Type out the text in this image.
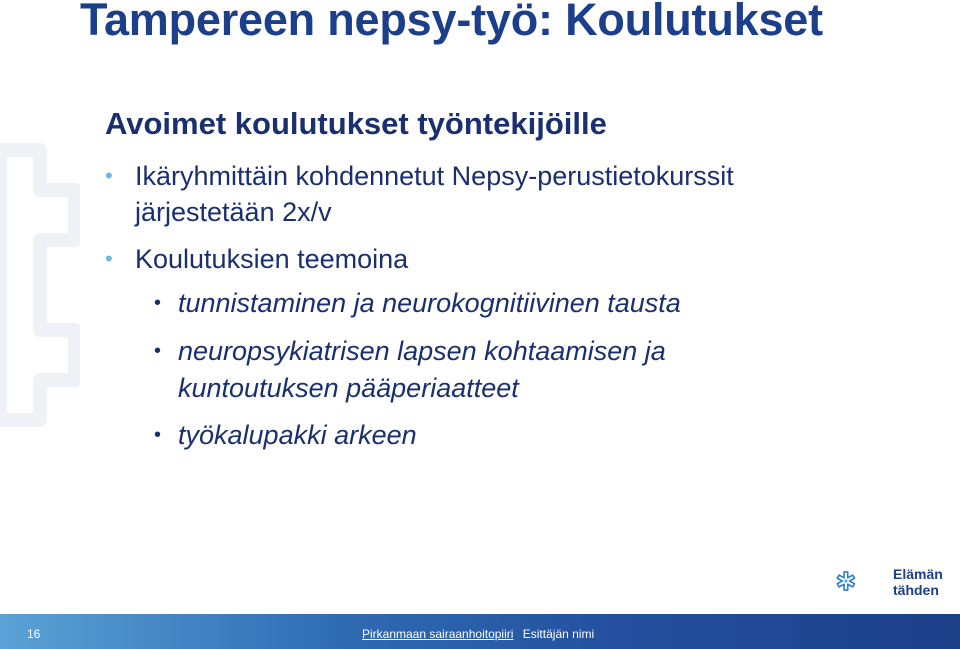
Tampereen nepsy-työ: Koulutukset
Avoimet koulutukset työntekijöille
• Ikäryhmittäin kohdennetut Nepsy-perustietokurssit
järjestetään 2x/v
• Koulutuksien teemoina
• tunnistaminen ja neurokognitiivinen tausta
• neuropsykiatrisen lapsen kohtaamisen ja
kuntoutuksen pääperiaatteet
• työkalupakki arkeen
Elämän
tähden
16	Pirkanmaan sairaanhoitopiiri Esittäjän nimi
